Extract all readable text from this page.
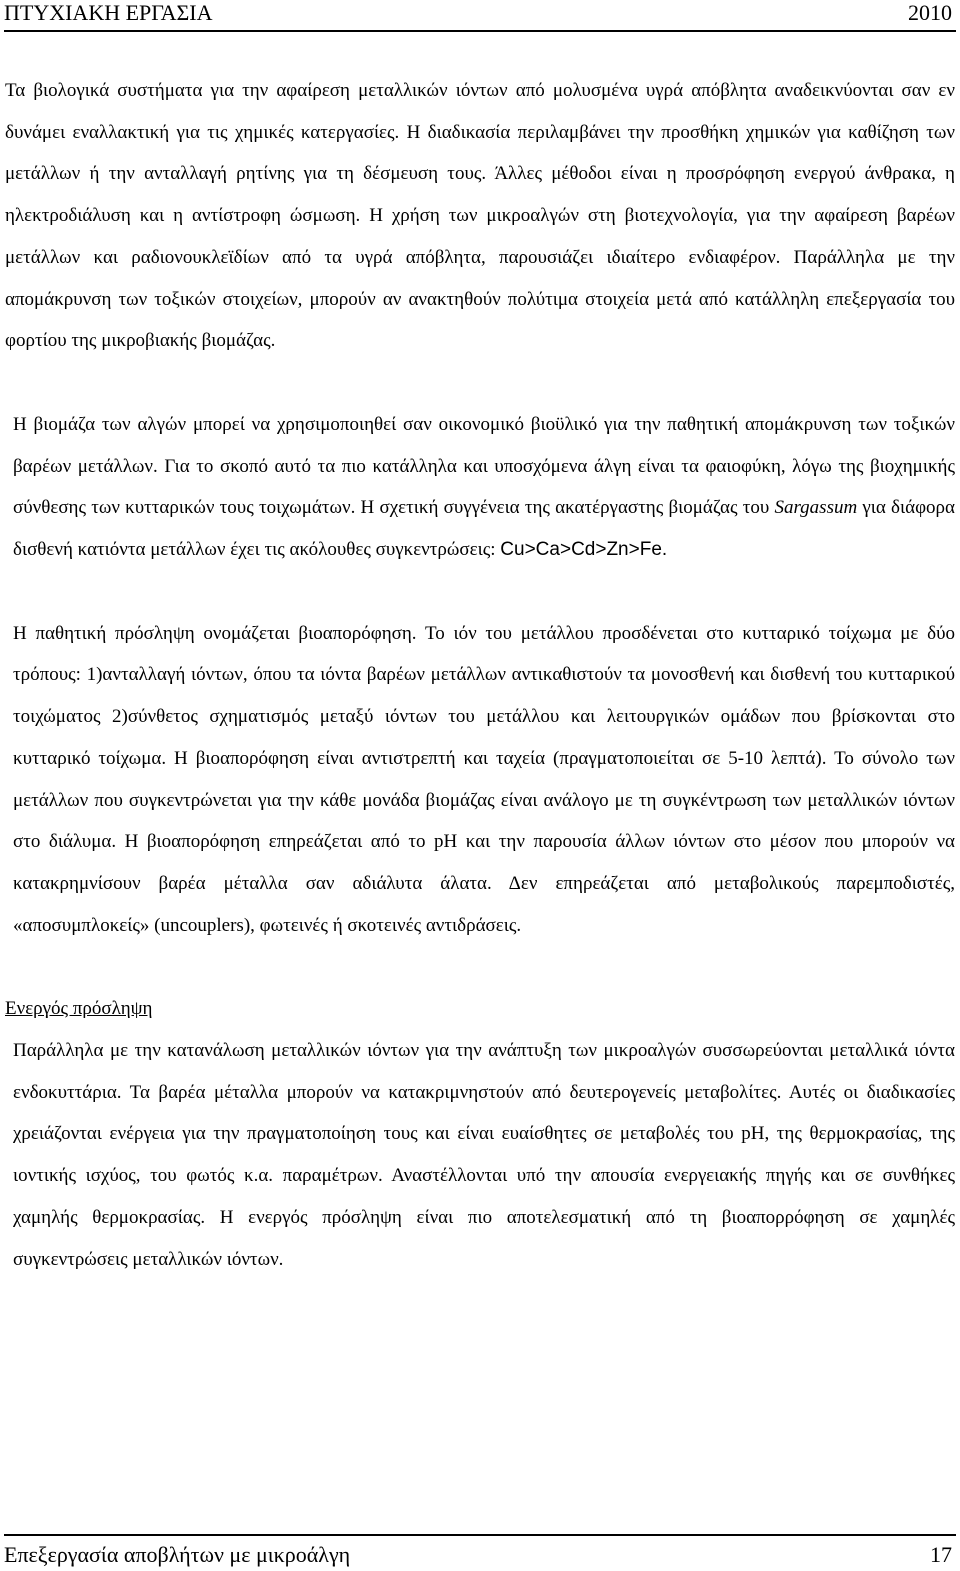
ΠΤΥΧΙΑΚΗ ΕΡΓΑΣΙΑ	2010

Τα βιολογικά συστήματα για την αφαίρεση μεταλλικών ιόντων από μολυσμένα υγρά απόβλητα αναδεικνύονται σαν εν δυνάμει εναλλακτική για τις χημικές κατεργασίες. Η διαδικασία περιλαμβάνει την προσθήκη χημικών για καθίζηση των μετάλλων ή την ανταλλαγή ρητίνης για τη δέσμευση τους. Άλλες μέθοδοι είναι η προσρόφηση ενεργού άνθρακα, η ηλεκτροδιάλυση και η αντίστροφη ώσμωση. Η χρήση των μικροαλγών στη βιοτεχνολογία, για την αφαίρεση βαρέων μετάλλων και ραδιονουκλεϊδίων από τα υγρά απόβλητα, παρουσιάζει ιδιαίτερο ενδιαφέρον. Παράλληλα με την απομάκρυνση των τοξικών στοιχείων, μπορούν αν ανακτηθούν πολύτιμα στοιχεία μετά από κατάλληλη επεξεργασία του φορτίου της μικροβιακής βιομάζας.

Η βιομάζα των αλγών μπορεί να χρησιμοποιηθεί σαν οικονομικό βιοϋλικό για την παθητική απομάκρυνση των τοξικών βαρέων μετάλλων. Για το σκοπό αυτό τα πιο κατάλληλα και υποσχόμενα άλγη είναι τα φαιοφύκη, λόγω της βιοχημικής σύνθεσης των κυτταρικών τους τοιχωμάτων. Η σχετική συγγένεια της ακατέργαστης βιομάζας του Sargassum για διάφορα δισθενή κατιόντα μετάλλων έχει τις ακόλουθες συγκεντρώσεις: Cu>Ca>Cd>Zn>Fe.

Η παθητική πρόσληψη ονομάζεται βιοαπορόφηση. Το ιόν του μετάλλου προσδένεται στο κυτταρικό τοίχωμα με δύο τρόπους: 1)ανταλλαγή ιόντων, όπου τα ιόντα βαρέων μετάλλων αντικαθιστούν τα μονοσθενή και δισθενή του κυτταρικού τοιχώματος 2)σύνθετος σχηματισμός μεταξύ ιόντων του μετάλλου και λειτουργικών ομάδων που βρίσκονται στο κυτταρικό τοίχωμα. Η βιοαπορόφηση είναι αντιστρεπτή και ταχεία (πραγματοποιείται σε 5-10 λεπτά). Το σύνολο των μετάλλων που συγκεντρώνεται για την κάθε μονάδα βιομάζας είναι ανάλογο με τη συγκέντρωση των μεταλλικών ιόντων στο διάλυμα. Η βιοαπορόφηση επηρεάζεται από το pH και την παρουσία άλλων ιόντων στο μέσον που μπορούν να κατακρημνίσουν βαρέα μέταλλα σαν αδιάλυτα άλατα. Δεν επηρεάζεται από μεταβολικούς παρεμποδιστές, «αποσυμπλοκείς» (uncouplers), φωτεινές ή σκοτεινές αντιδράσεις.

Ενεργός πρόσληψη

Παράλληλα με την κατανάλωση μεταλλικών ιόντων για την ανάπτυξη των μικροαλγών συσσωρεύονται μεταλλικά ιόντα ενδοκυττάρια. Τα βαρέα μέταλλα μπορούν να κατακριμνηστούν από δευτερογενείς μεταβολίτες. Αυτές οι διαδικασίες χρειάζονται ενέργεια για την πραγματοποίηση τους και είναι ευαίσθητες σε μεταβολές του pH, της θερμοκρασίας, της ιοντικής ισχύος, του φωτός κ.α. παραμέτρων. Αναστέλλονται υπό την απουσία ενεργειακής πηγής και σε συνθήκες χαμηλής θερμοκρασίας. Η ενεργός πρόσληψη είναι πιο αποτελεσματική από τη βιοαπορρόφηση σε χαμηλές συγκεντρώσεις μεταλλικών ιόντων.

Επεξεργασία αποβλήτων με μικροάλγη	17
